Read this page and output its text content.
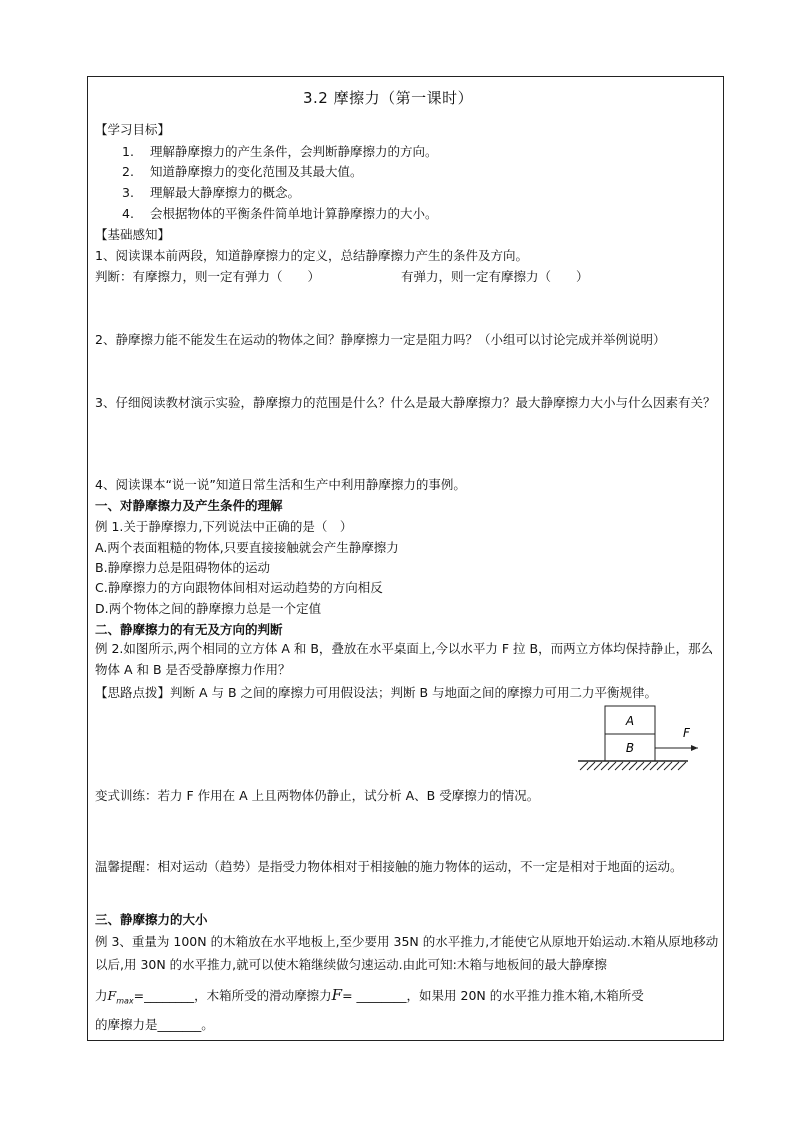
3.2 摩擦力（第一课时）
【学习目标】
1. 理解静摩擦力的产生条件，会判断静摩擦力的方向。
2. 知道静摩擦力的变化范围及其最大值。
3. 理解最大静摩擦力的概念。
4. 会根据物体的平衡条件简单地计算静摩擦力的大小。
【基础感知】
1、阅读课本前两段，知道静摩擦力的定义，总结静摩擦力产生的条件及方向。
判断：有摩擦力，则一定有弹力（　　）	有弹力，则一定有摩擦力（　　）
2、静摩擦力能不能发生在运动的物体之间？静摩擦力一定是阻力吗？（小组可以讨论完成并举例说明）
3、仔细阅读教材演示实验，静摩擦力的范围是什么？什么是最大静摩擦力？最大静摩擦力大小与什么因素有关？
4、阅读课本“说一说”知道日常生活和生产中利用静摩擦力的事例。
一、对静摩擦力及产生条件的理解
例 1.关于静摩擦力,下列说法中正确的是（　）
A.两个表面粗糙的物体,只要直接接触就会产生静摩擦力
B.静摩擦力总是阻碍物体的运动
C.静摩擦力的方向跟物体间相对运动趋势的方向相反
D.两个物体之间的静摩擦力总是一个定值
二、静摩擦力的有无及方向的判断
例 2.如图所示,两个相同的立方体 A 和 B，叠放在水平桌面上,今以水平力 F 拉 B，而两立方体均保持静止，那么物体 A 和 B 是否受静摩擦力作用？
【思路点拨】判断 A 与 B 之间的摩擦力可用假设法；判断 B 与地面之间的摩擦力可用二力平衡规律。
A
B
F
变式训练：若力 F 作用在 A 上且两物体仍静止，试分析 A、B 受摩擦力的情况。
温馨提醒：相对运动（趋势）是指受力物体相对于相接触的施力物体的运动，不一定是相对于地面的运动。
三、静摩擦力的大小
例 3、重量为 100N 的木箱放在水平地板上,至少要用 35N 的水平推力,才能使它从原地开始运动.木箱从原地移动以后,用 30N 的水平推力,就可以使木箱继续做匀速运动.由此可知:木箱与地板间的最大静摩擦
力$F_{max}=\_\_\_\_\_\_\_\_$，木箱所受的滑动摩擦力F= ________，如果用 20N 的水平推力推木箱,木箱所受
的摩擦力是_______。
